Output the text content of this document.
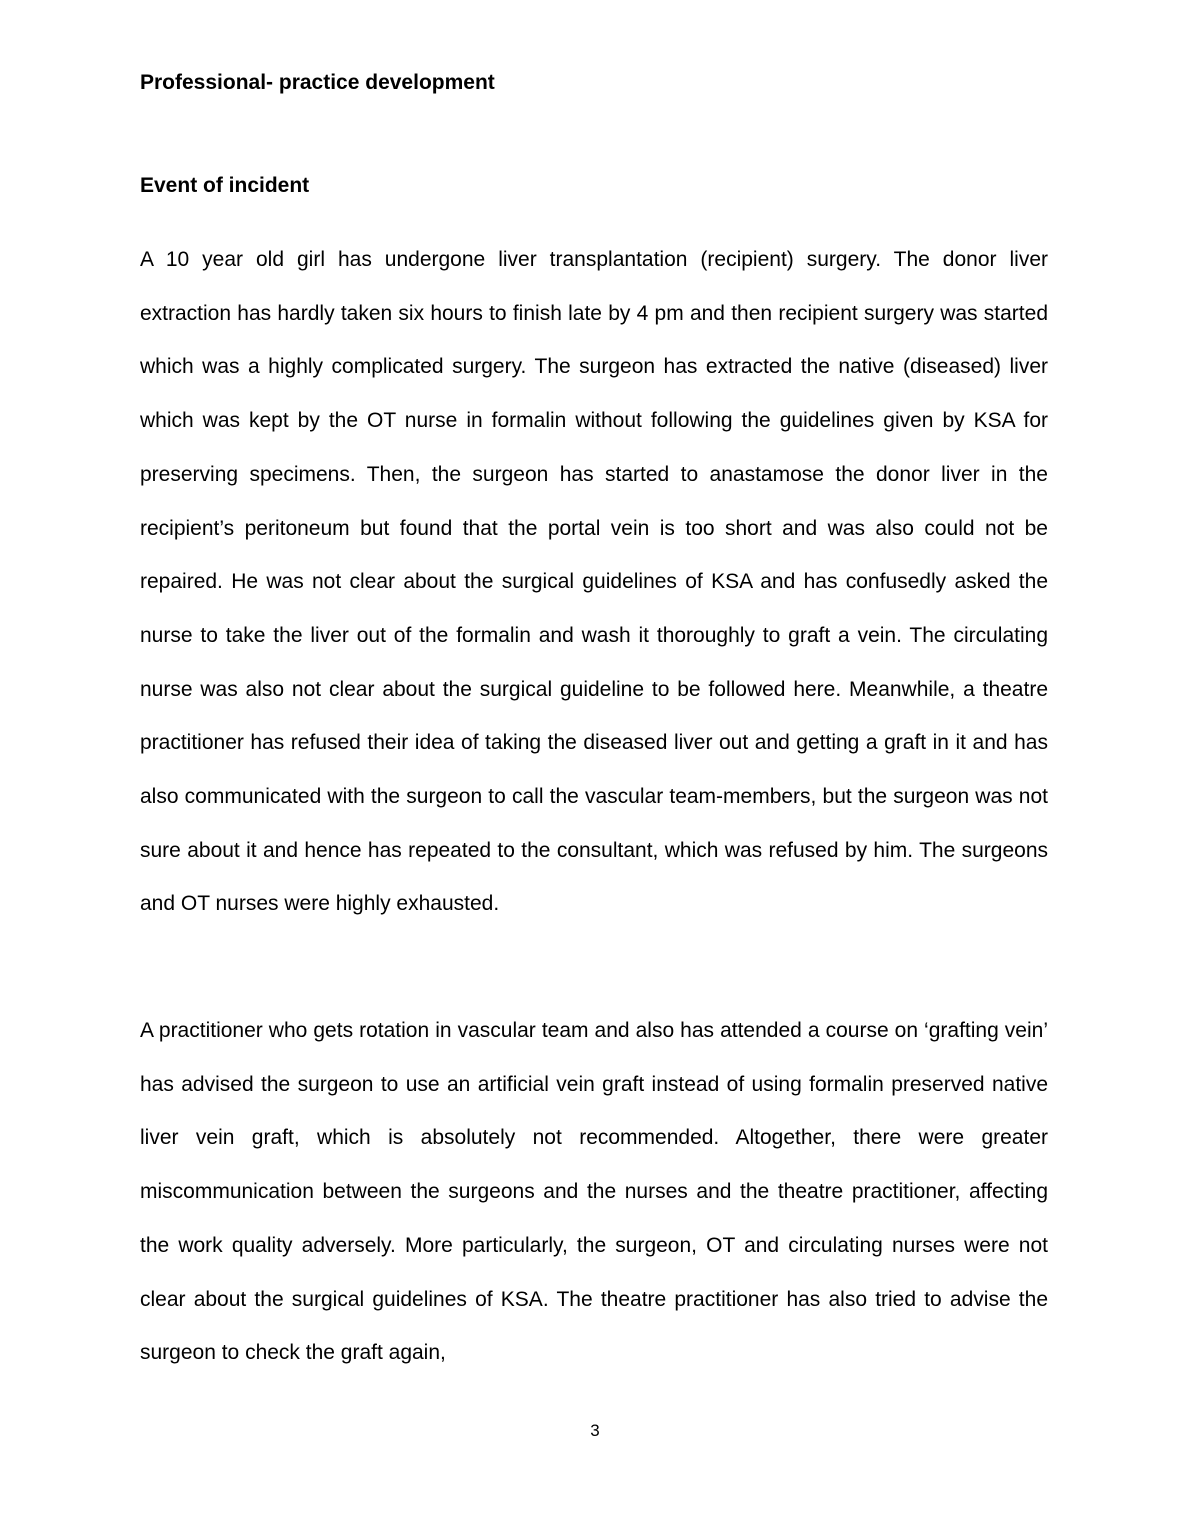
Professional- practice development
Event of incident

A 10 year old girl has undergone liver transplantation (recipient) surgery. The donor liver extraction has hardly taken six hours to finish late by 4 pm and then recipient surgery was started which was a highly complicated surgery. The surgeon has extracted the native (diseased) liver which was kept by the OT nurse in formalin without following the guidelines given by KSA for preserving specimens. Then, the surgeon has started to anastamose the donor liver in the recipient’s peritoneum but found that the portal vein is too short and was also could not be repaired. He was not clear about the surgical guidelines of KSA and has confusedly asked the nurse to take the liver out of the formalin and wash it thoroughly to graft a vein. The circulating nurse was also not clear about the surgical guideline to be followed here. Meanwhile, a theatre practitioner has refused their idea of taking the diseased liver out and getting a graft in it and has also communicated with the surgeon to call the vascular team-members, but the surgeon was not sure about it and hence has repeated to the consultant, which was refused by him. The surgeons and OT nurses were highly exhausted.

A practitioner who gets rotation in vascular team and also has attended a course on ‘grafting vein’ has advised the surgeon to use an artificial vein graft instead of using formalin preserved native liver vein graft, which is absolutely not recommended. Altogether, there were greater miscommunication between the surgeons and the nurses and the theatre practitioner, affecting the work quality adversely. More particularly, the surgeon, OT and circulating nurses were not clear about the surgical guidelines of KSA. The theatre practitioner has also tried to advise the surgeon to check the graft again,

3
